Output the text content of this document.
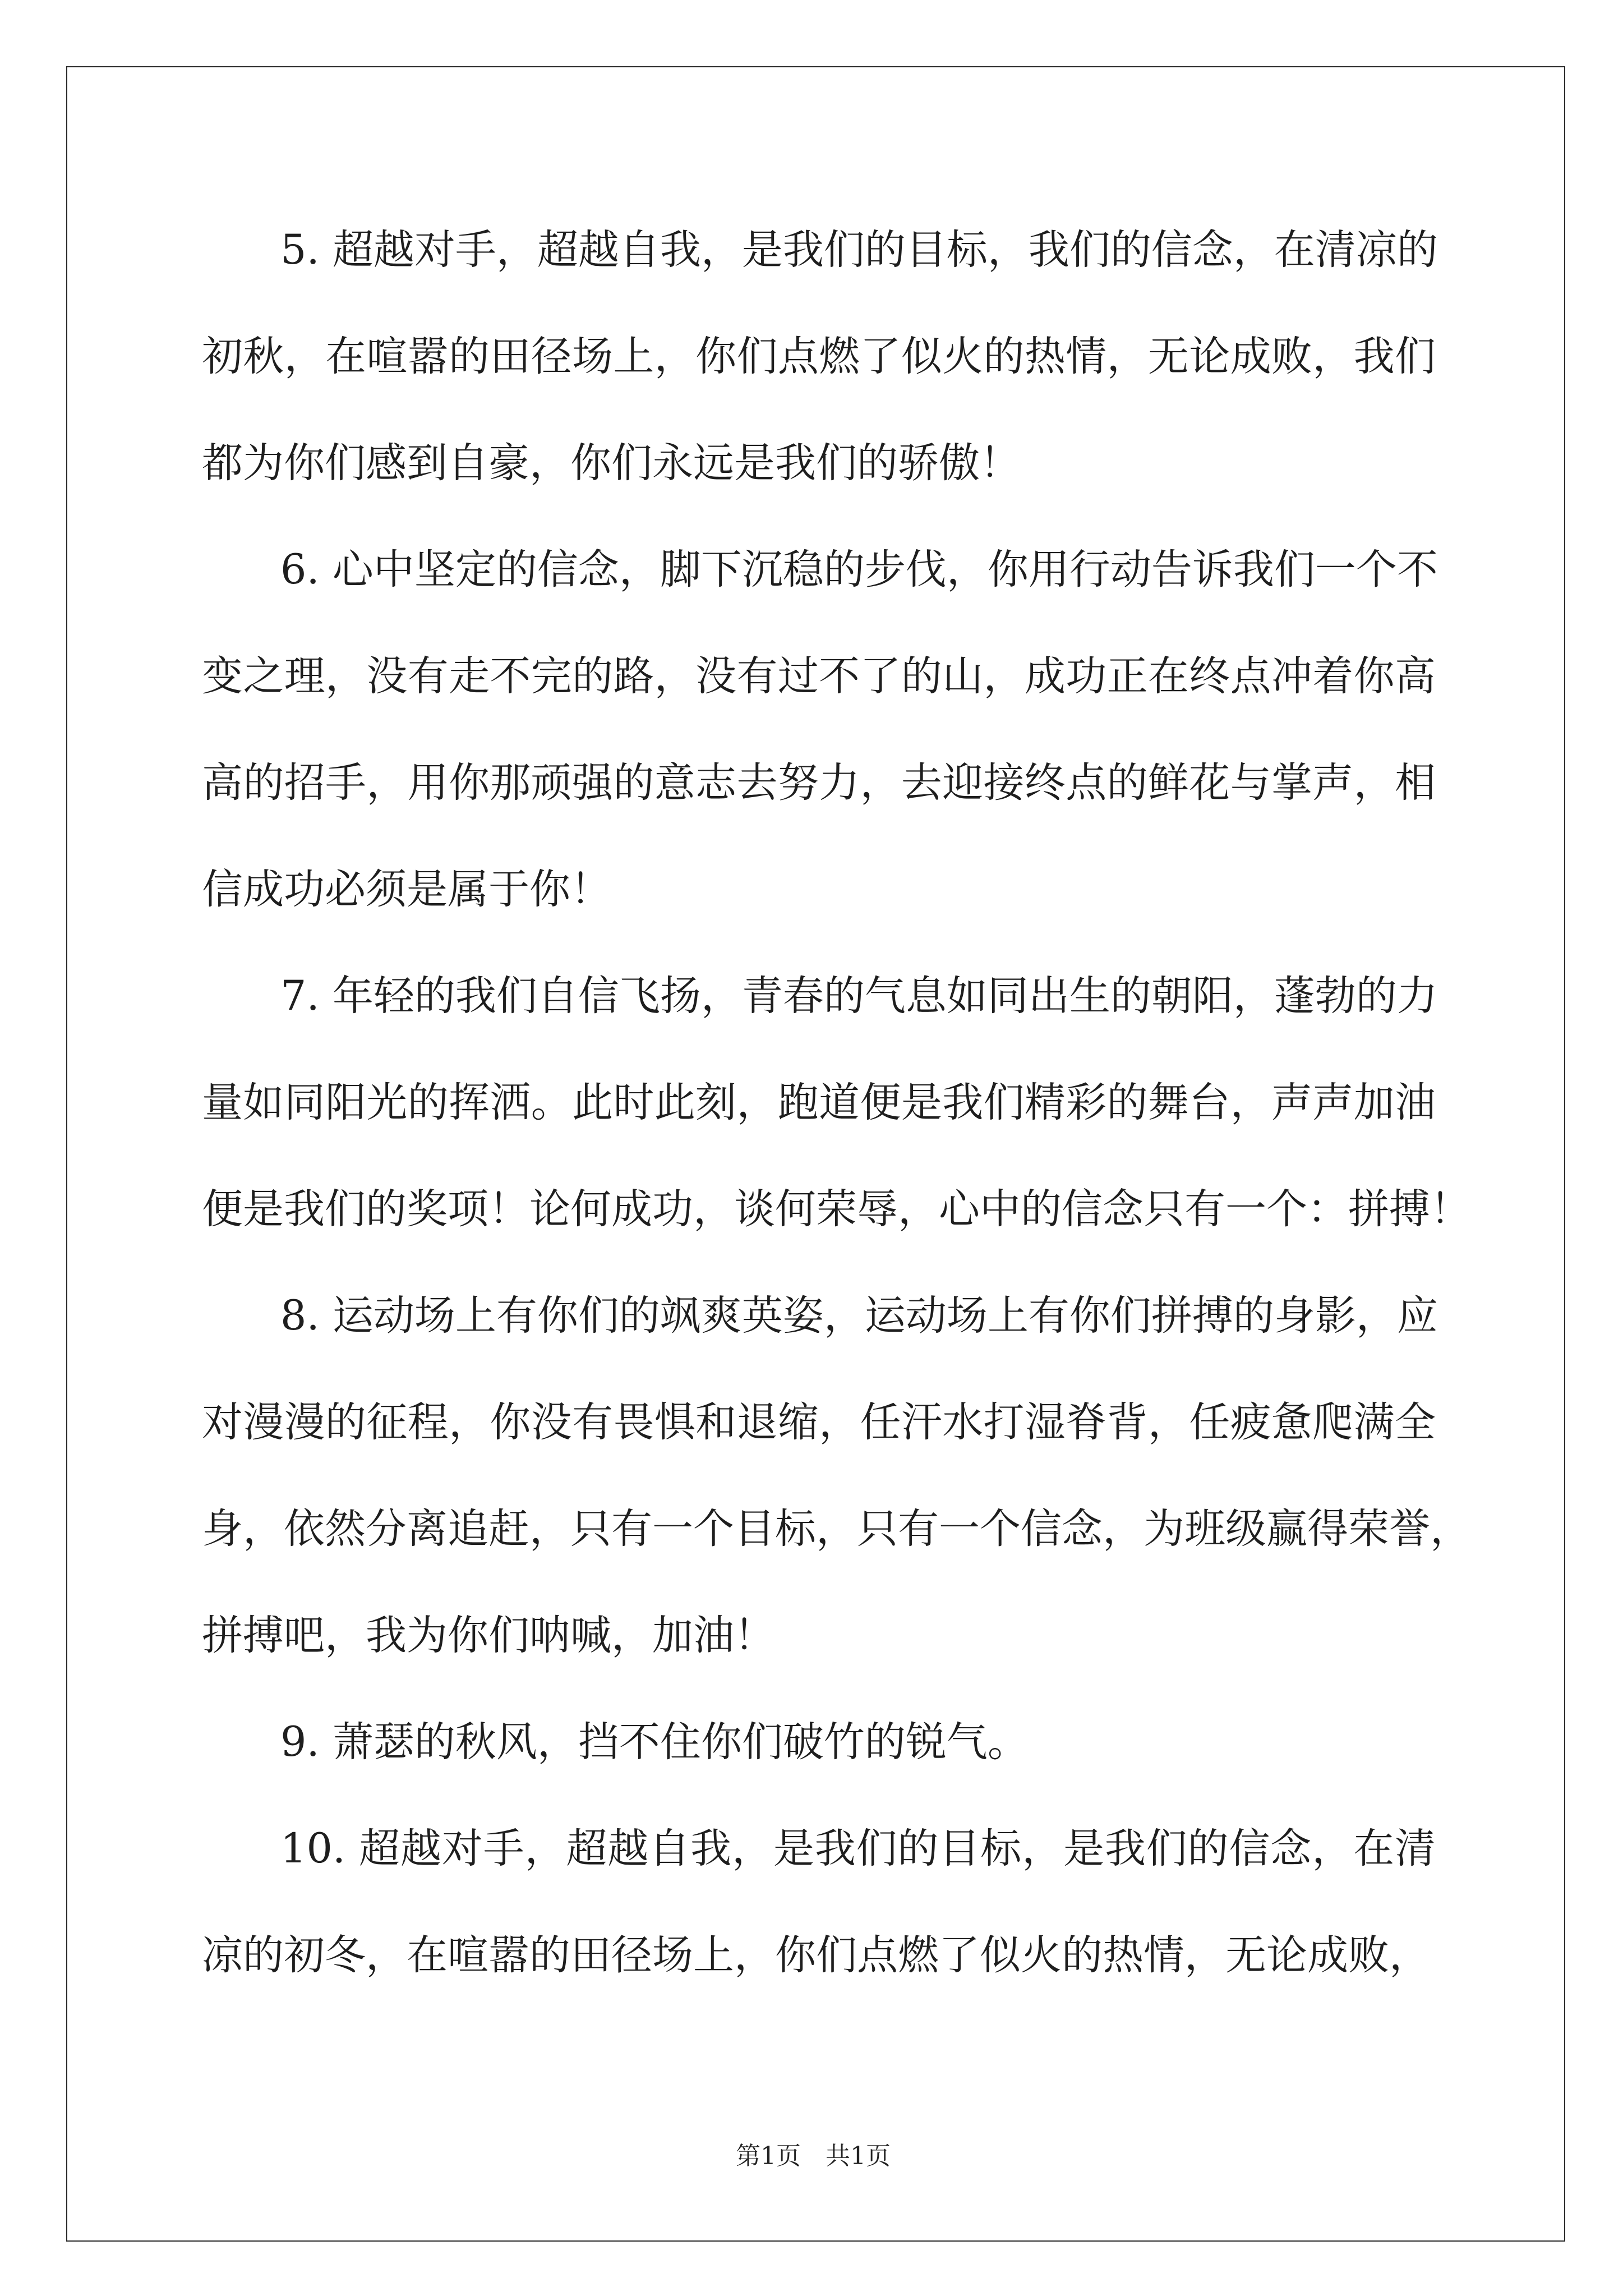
5. 超越对手，超越自我，是我们的目标，我们的信念，在清凉的
初秋，在喧嚣的田径场上，你们点燃了似火的热情，无论成败，我们
都为你们感到自豪，你们永远是我们的骄傲！
6. 心中坚定的信念，脚下沉稳的步伐，你用行动告诉我们一个不
变之理，没有走不完的路，没有过不了的山，成功正在终点冲着你高
高的招手，用你那顽强的意志去努力，去迎接终点的鲜花与掌声，相
信成功必须是属于你！
7. 年轻的我们自信飞扬，青春的气息如同出生的朝阳，蓬勃的力
量如同阳光的挥洒。此时此刻，跑道便是我们精彩的舞台，声声加油
便是我们的奖项！论何成功，谈何荣辱，心中的信念只有一个：拼搏！
8. 运动场上有你们的飒爽英姿，运动场上有你们拼搏的身影，应
对漫漫的征程，你没有畏惧和退缩，任汗水打湿脊背，任疲惫爬满全
身，依然分离追赶，只有一个目标，只有一个信念，为班级赢得荣誉，
拼搏吧，我为你们呐喊，加油！
9. 萧瑟的秋风，挡不住你们破竹的锐气。
10. 超越对手，超越自我，是我们的目标，是我们的信念，在清
凉的初冬，在喧嚣的田径场上，你们点燃了似火的热情，无论成败，
第1页　共1页
